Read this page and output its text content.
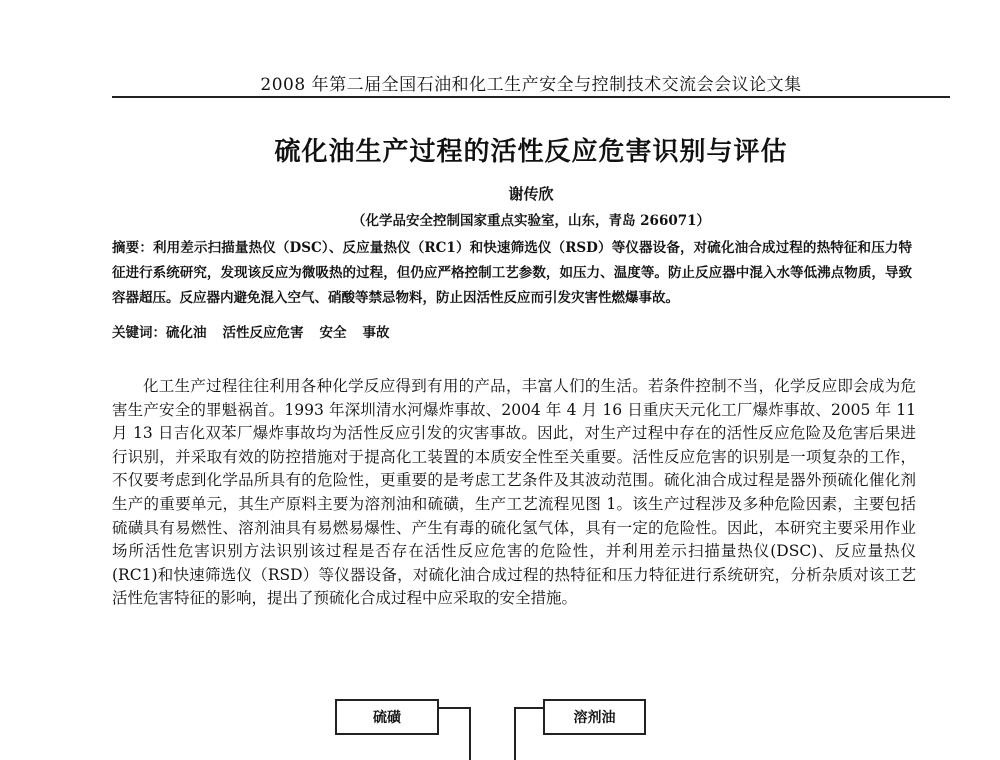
2008 年第二届全国石油和化工生产安全与控制技术交流会会议论文集
硫化油生产过程的活性反应危害识别与评估
谢传欣
（化学品安全控制国家重点实验室，山东，青岛 266071）
摘要：利用差示扫描量热仪（DSC）、反应量热仪（RC1）和快速筛选仪（RSD）等仪器设备，对硫化油合成过程的热特征和压力特征进行系统研究，发现该反应为微吸热的过程，但仍应严格控制工艺参数，如压力、温度等。防止反应器中混入水等低沸点物质，导致容器超压。反应器内避免混入空气、硝酸等禁忌物料，防止因活性反应而引发灾害性燃爆事故。
关键词：硫化油 活性反应危害 安全 事故
化工生产过程往往利用各种化学反应得到有用的产品，丰富人们的生活。若条件控制不当，化学反应即会成为危害生产安全的罪魁祸首。1993 年深圳清水河爆炸事故、2004 年 4 月 16 日重庆天元化工厂爆炸事故、2005 年 11 月 13 日吉化双苯厂爆炸事故均为活性反应引发的灾害事故。因此，对生产过程中存在的活性反应危险及危害后果进行识别，并采取有效的防控措施对于提高化工装置的本质安全性至关重要。活性反应危害的识别是一项复杂的工作，不仅要考虑到化学品所具有的危险性，更重要的是考虑工艺条件及其波动范围。硫化油合成过程是器外预硫化催化剂生产的重要单元，其生产原料主要为溶剂油和硫磺，生产工艺流程见图 1。该生产过程涉及多种危险因素，主要包括硫磺具有易燃性、溶剂油具有易燃易爆性、产生有毒的硫化氢气体，具有一定的危险性。因此，本研究主要采用作业场所活性危害识别方法识别该过程是否存在活性反应危害的危险性，并利用差示扫描量热仪(DSC)、反应量热仪(RC1)和快速筛选仪（RSD）等仪器设备，对硫化油合成过程的热特征和压力特征进行系统研究，分析杂质对该工艺活性危害特征的影响，提出了预硫化合成过程中应采取的安全措施。
硫磺	溶剂油
